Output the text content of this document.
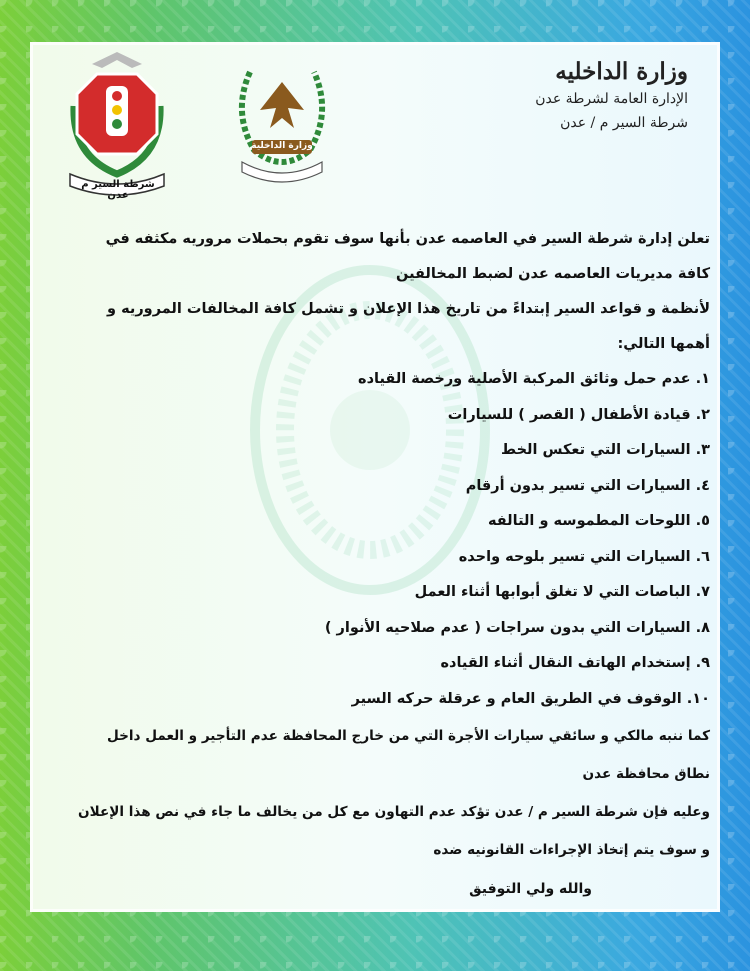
شرطة السير م عدن
وزارة الداخلية
وزارة الداخليه
الإدارة العامة لشرطة عدن
شرطة السير م / عدن
تعلن إدارة شرطة السير في العاصمه عدن بأنها سوف تقوم بحملات مروريه مكثفه في كافة مديريات العاصمه عدن لضبط المخالفين
لأنظمة و قواعد السير إبتداءً من تاريخ هذا الإعلان و تشمل كافة المخالفات المروريه و أهمها التالي:
١. عدم حمل وثائق المركبة الأصلية ورخصة القياده
٢. قيادة الأطفال ( القصر ) للسيارات
٣. السيارات التي تعكس الخط
٤. السيارات التي تسير بدون أرقام
٥. اللوحات المطموسه و التالفه
٦. السيارات التي تسير بلوحه واحده
٧. الباصات التي لا تغلق أبوابها أثناء العمل
٨. السيارات التي بدون سراجات ( عدم صلاحيه الأنوار )
٩. إستخدام الهاتف النقال أثناء القياده
١٠. الوقوف في الطريق العام و عرقلة حركه السير
كما ننبه مالكي و سائقي سيارات الأجرة التي من خارج المحافظة عدم التأجير و العمل داخل نطاق محافظة عدن
وعليه فإن شرطة السير م / عدن تؤكد عدم التهاون مع كل من يخالف ما جاء في نص هذا الإعلان و سوف يتم إتخاذ الإجراءات القانونيه ضده
والله ولي التوفيق
